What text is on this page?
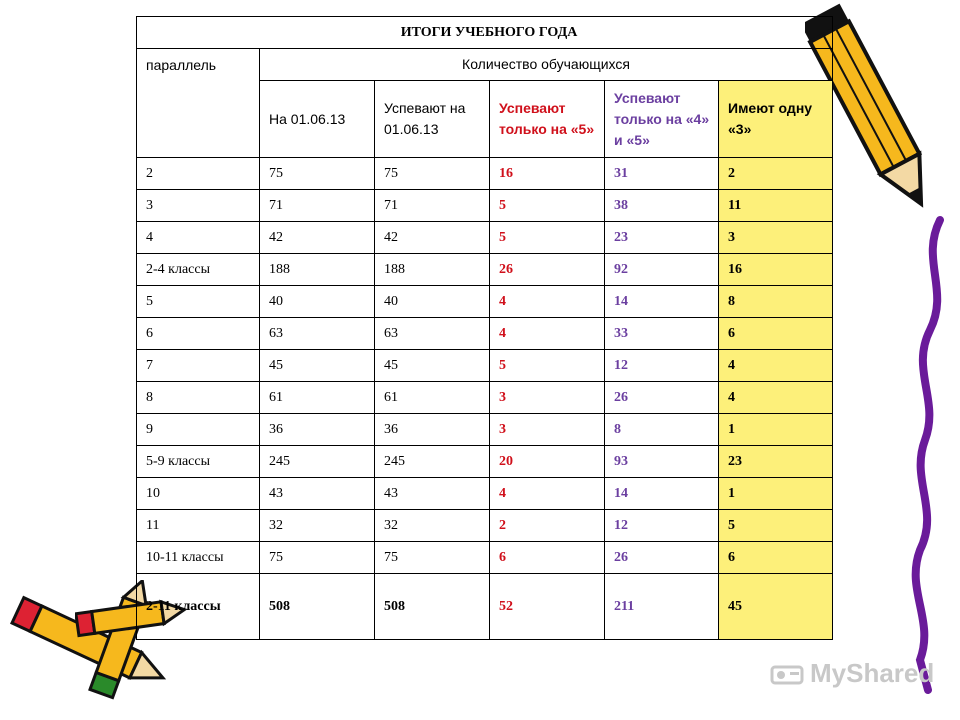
ИТОГИ УЧЕБНОГО ГОДА					
параллель	Количество обучающихся				
	На 01.06.13	Успевают на 01.06.13	Успевают только на «5»	Успевают только на «4» и «5»	Имеют одну «3»
2	75	75	16	31	2
3	71	71	5	38	11
4	42	42	5	23	3
2-4 классы	188	188	26	92	16
5	40	40	4	14	8
6	63	63	4	33	6
7	45	45	5	12	4
8	61	61	3	26	4
9	36	36	3	8	1
5-9 классы	245	245	20	93	23
10	43	43	4	14	1
11	32	32	2	12	5
10-11 классы	75	75	6	26	6
2-11 классы	508	508	52	211	45
MyShared
